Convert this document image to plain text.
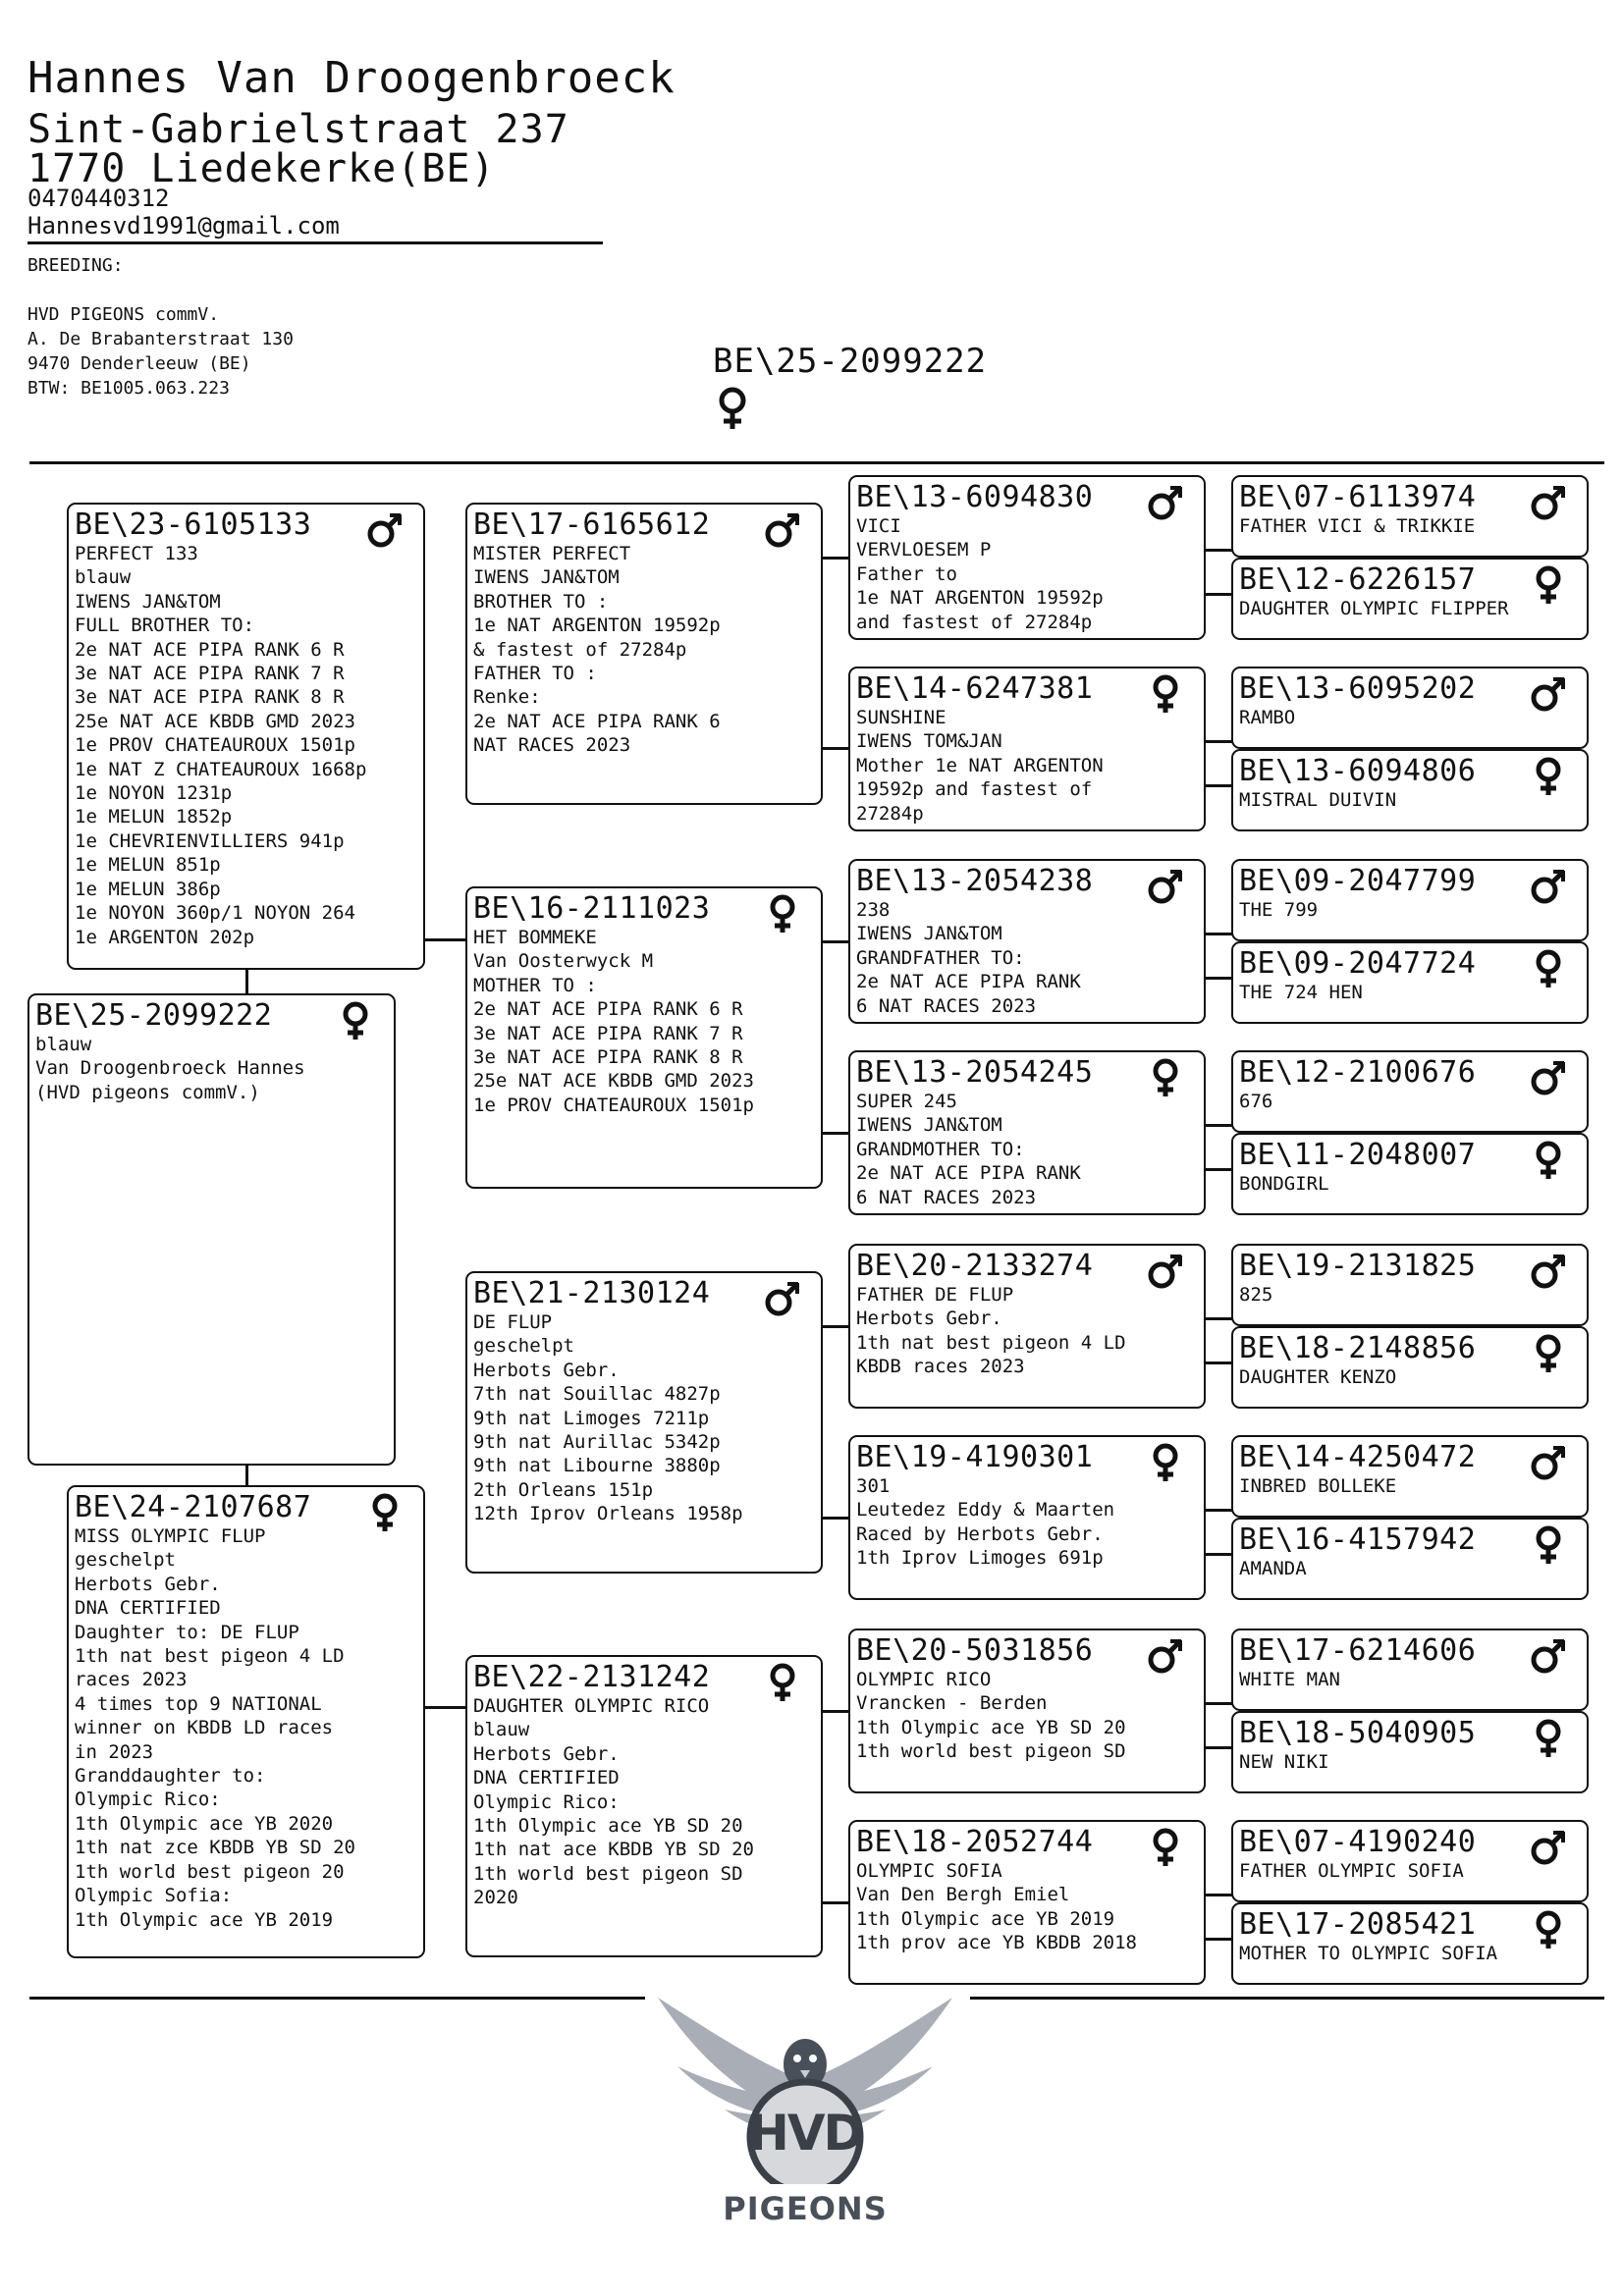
Hannes Van Droogenbroeck
Sint-Gabrielstraat 237
1770 Liedekerke(BE)
0470440312
Hannesvd1991@gmail.com
BREEDING:
HVD PIGEONS commV.
A. De Brabanterstraat 130
9470 Denderleeuw (BE)
BTW: BE1005.063.223
BE\25-2099222
BE\25-2099222
blauw
Van Droogenbroeck Hannes
(HVD pigeons commV.)
BE\23-6105133
PERFECT 133
blauw
IWENS JAN&TOM
FULL BROTHER TO:
2e NAT ACE PIPA RANK 6 R
3e NAT ACE PIPA RANK 7 R
3e NAT ACE PIPA RANK 8 R
25e NAT ACE KBDB GMD 2023
1e PROV CHATEAUROUX 1501p
1e NAT Z CHATEAUROUX 1668p
1e NOYON 1231p
1e MELUN 1852p
1e CHEVRIENVILLIERS 941p
1e MELUN 851p
1e MELUN 386p
1e NOYON 360p/1 NOYON 264
1e ARGENTON 202p
BE\24-2107687
MISS OLYMPIC FLUP
geschelpt
Herbots Gebr.
DNA CERTIFIED
Daughter to: DE FLUP
1th nat best pigeon 4 LD
races 2023
4 times top 9 NATIONAL
winner on KBDB LD races
in 2023
Granddaughter to:
Olympic Rico:
1th Olympic ace YB 2020
1th nat zce KBDB YB SD 20
1th world best pigeon 20
Olympic Sofia:
1th Olympic ace YB 2019
BE\17-6165612
MISTER PERFECT
IWENS JAN&TOM
BROTHER TO :
1e NAT ARGENTON 19592p
& fastest of 27284p
FATHER TO :
Renke:
2e NAT ACE PIPA RANK 6
NAT RACES 2023
BE\16-2111023
HET BOMMEKE
Van Oosterwyck M
MOTHER TO :
2e NAT ACE PIPA RANK 6 R
3e NAT ACE PIPA RANK 7 R
3e NAT ACE PIPA RANK 8 R
25e NAT ACE KBDB GMD 2023
1e PROV CHATEAUROUX 1501p
BE\21-2130124
DE FLUP
geschelpt
Herbots Gebr.
7th nat Souillac 4827p
9th nat Limoges 7211p
9th nat Aurillac 5342p
9th nat Libourne 3880p
2th Orleans 151p
12th Iprov Orleans 1958p
BE\22-2131242
DAUGHTER OLYMPIC RICO
blauw
Herbots Gebr.
DNA CERTIFIED
Olympic Rico:
1th Olympic ace YB SD 20
1th nat ace KBDB YB SD 20
1th world best pigeon SD
2020
BE\13-6094830
VICI
VERVLOESEM P
Father to
1e NAT ARGENTON 19592p
and fastest of 27284p
BE\14-6247381
SUNSHINE
IWENS TOM&JAN
Mother 1e NAT ARGENTON
19592p and fastest of
27284p
BE\13-2054238
238
IWENS JAN&TOM
GRANDFATHER TO:
2e NAT ACE PIPA RANK
6 NAT RACES 2023
BE\13-2054245
SUPER 245
IWENS JAN&TOM
GRANDMOTHER TO:
2e NAT ACE PIPA RANK
6 NAT RACES 2023
BE\20-2133274
FATHER DE FLUP
Herbots Gebr.
1th nat best pigeon 4 LD
KBDB races 2023
BE\19-4190301
301
Leutedez Eddy & Maarten
Raced by Herbots Gebr.
1th Iprov Limoges 691p
BE\20-5031856
OLYMPIC RICO
Vrancken - Berden
1th Olympic ace YB SD 20
1th world best pigeon SD
BE\18-2052744
OLYMPIC SOFIA
Van Den Bergh Emiel
1th Olympic ace YB 2019
1th prov ace YB KBDB 2018
BE\07-6113974
FATHER VICI & TRIKKIE
BE\12-6226157
DAUGHTER OLYMPIC FLIPPER
BE\13-6095202
RAMBO
BE\13-6094806
MISTRAL DUIVIN
BE\09-2047799
THE 799
BE\09-2047724
THE 724 HEN
BE\12-2100676
676
BE\11-2048007
BONDGIRL
BE\19-2131825
825
BE\18-2148856
DAUGHTER KENZO
BE\14-4250472
INBRED BOLLEKE
BE\16-4157942
AMANDA
BE\17-6214606
WHITE MAN
BE\18-5040905
NEW NIKI
BE\07-4190240
FATHER OLYMPIC SOFIA
BE\17-2085421
MOTHER TO OLYMPIC SOFIA
HVD
PIGEONS
